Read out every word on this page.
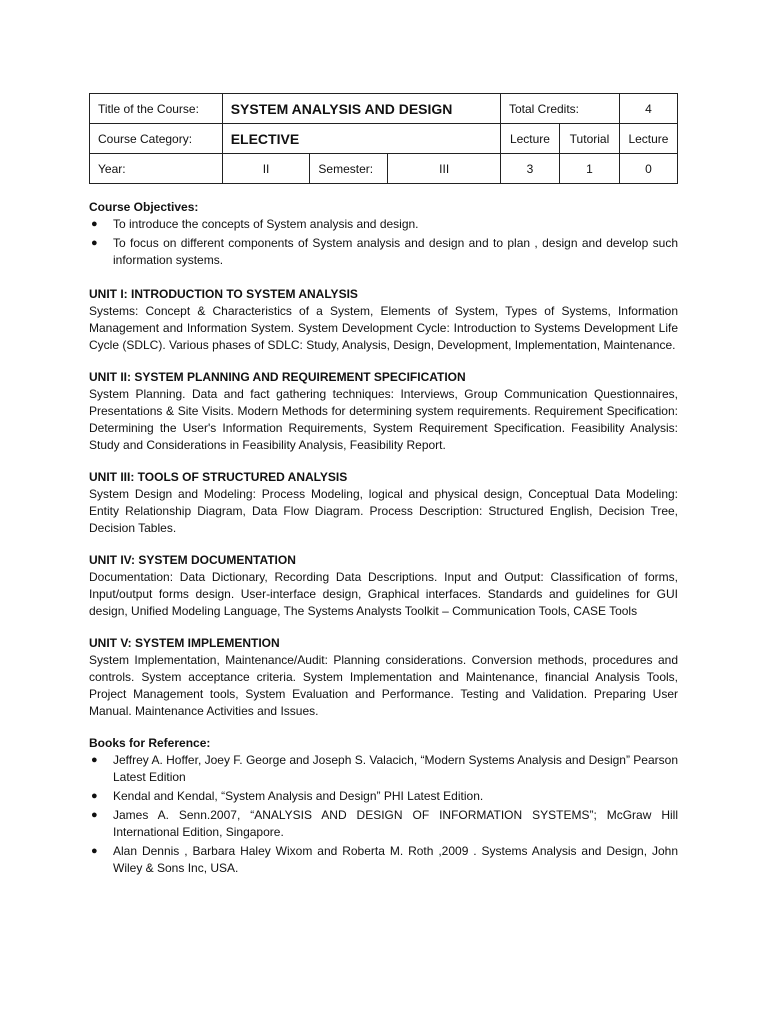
Title of the Course:	SYSTEM ANALYSIS AND DESIGN			Total Credits:		4
Course Category:	ELECTIVE			Lecture	Tutorial	Lecture
Year:	II	Semester:	III	3	1	0

Course Objectives:

● To introduce the concepts of System analysis and design.
● To focus on different components of System analysis and design and to plan , design and develop such information systems.

UNIT I: INTRODUCTION TO SYSTEM ANALYSIS

Systems: Concept & Characteristics of a System, Elements of System, Types of Systems, Information Management and Information System. System Development Cycle: Introduction to Systems Development Life Cycle (SDLC). Various phases of SDLC: Study, Analysis, Design, Development, Implementation, Maintenance.

UNIT II: SYSTEM PLANNING AND REQUIREMENT SPECIFICATION

System Planning. Data and fact gathering techniques: Interviews, Group Communication Questionnaires, Presentations & Site Visits. Modern Methods for determining system requirements. Requirement Specification: Determining the User's Information Requirements, System Requirement Specification. Feasibility Analysis: Study and Considerations in Feasibility Analysis, Feasibility Report.

UNIT III: TOOLS OF STRUCTURED ANALYSIS

System Design and Modeling: Process Modeling, logical and physical design, Conceptual Data Modeling: Entity Relationship Diagram, Data Flow Diagram. Process Description: Structured English, Decision Tree, Decision Tables.

UNIT IV: SYSTEM DOCUMENTATION

Documentation: Data Dictionary, Recording Data Descriptions. Input and Output: Classification of forms, Input/output forms design. User-interface design, Graphical interfaces. Standards and guidelines for GUI design, Unified Modeling Language, The Systems Analysts Toolkit – Communication Tools, CASE Tools

UNIT V: SYSTEM IMPLEMENTION

System Implementation, Maintenance/Audit: Planning considerations. Conversion methods, procedures and controls. System acceptance criteria. System Implementation and Maintenance, financial Analysis Tools, Project Management tools, System Evaluation and Performance. Testing and Validation. Preparing User Manual. Maintenance Activities and Issues.

Books for Reference:

● Jeffrey A. Hoffer, Joey F. George and Joseph S. Valacich, “Modern Systems Analysis and Design” Pearson Latest Edition
● Kendal and Kendal, “System Analysis and Design” PHI Latest Edition.
● James A. Senn.2007, “ANALYSIS AND DESIGN OF INFORMATION SYSTEMS”; McGraw Hill International Edition, Singapore.
● Alan Dennis , Barbara Haley Wixom and Roberta M. Roth ,2009 . Systems Analysis and Design, John Wiley & Sons Inc, USA.
